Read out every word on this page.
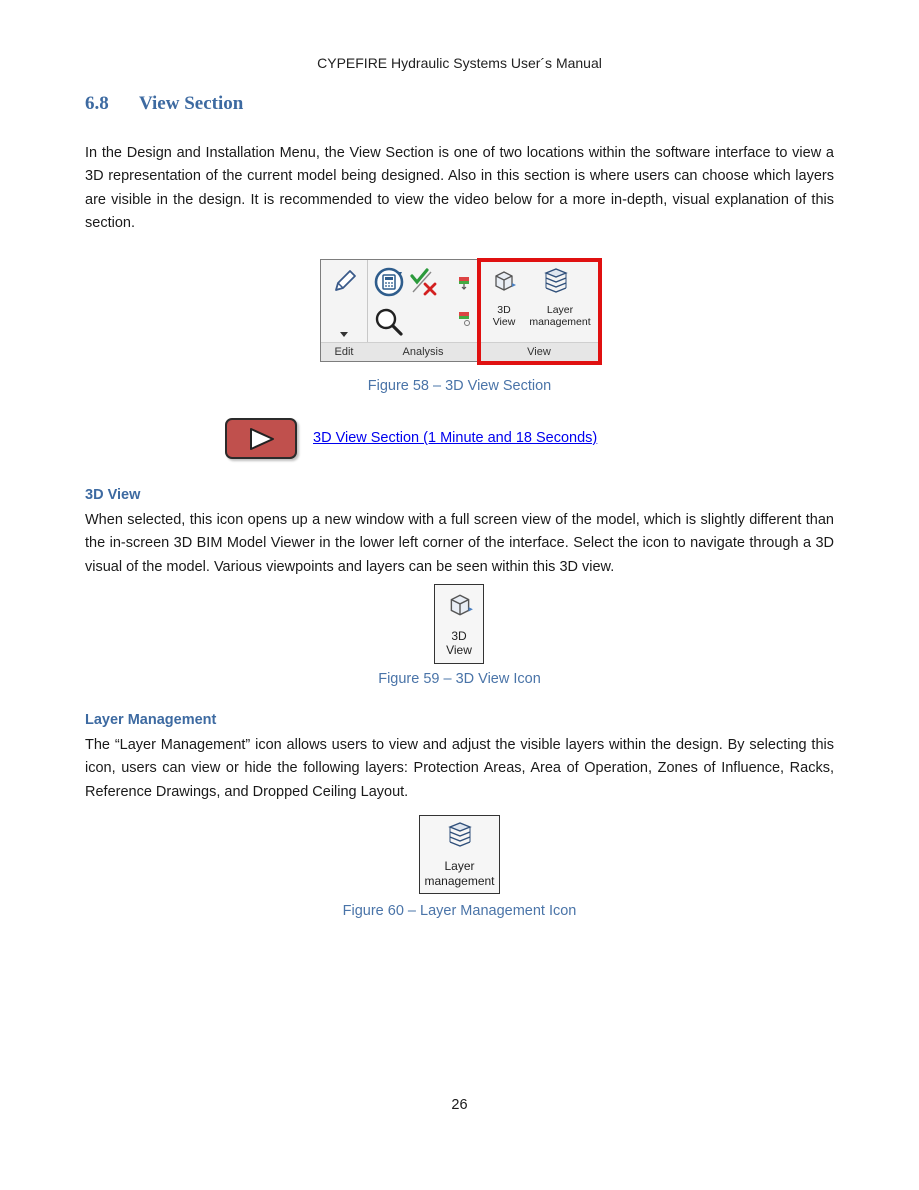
CYPEFIRE Hydraulic Systems User´s Manual
6.8 View Section

In the Design and Installation Menu, the View Section is one of two locations within the software interface to view a 3D representation of the current model being designed. Also in this section is where users can choose which layers are visible in the design. It is recommended to view the video below for a more in-depth, visual explanation of this section.

Edit	Analysis
3D
View
Layer
management
View
Figure 58 – 3D View Section
3D View Section (1 Minute and 18 Seconds)
3D View

When selected, this icon opens up a new window with a full screen view of the model, which is slightly different than the in-screen 3D BIM Model Viewer in the lower left corner of the interface. Select the icon to navigate through a 3D visual of the model. Various viewpoints and layers can be seen within this 3D view.

3D
View
Figure 59 – 3D View Icon
Layer Management

The “Layer Management” icon allows users to view and adjust the visible layers within the design. By selecting this icon, users can view or hide the following layers: Protection Areas, Area of Operation, Zones of Influence, Racks, Reference Drawings, and Dropped Ceiling Layout.

Layer
management
Figure 60 – Layer Management Icon
26
